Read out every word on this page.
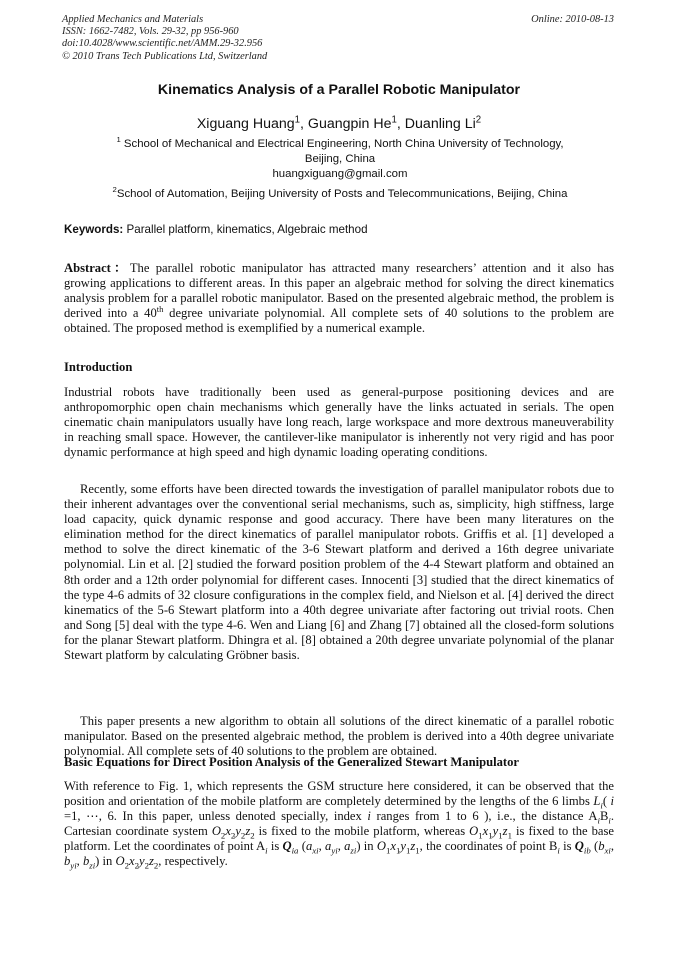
Applied Mechanics and Materials
ISSN: 1662-7482, Vols. 29-32, pp 956-960
doi:10.4028/www.scientific.net/AMM.29-32.956
© 2010 Trans Tech Publications Ltd, Switzerland
Online: 2010-08-13
Kinematics Analysis of a Parallel Robotic Manipulator
Xiguang Huang$^1$, Guangpin He$^1$, Duanling Li$^2$
$^1$ School of Mechanical and Electrical Engineering, North China University of Technology,
Beijing, China
huangxiguang@gmail.com
$^2$School of Automation, Beijing University of Posts and Telecommunications, Beijing, China
Keywords: Parallel platform, kinematics, Algebraic method
Abstract：The parallel robotic manipulator has attracted many researchers’ attention and it also has growing applications to different areas. In this paper an algebraic method for solving the direct kinematics analysis problem for a parallel robotic manipulator. Based on the presented algebraic method, the problem is derived into a 40th degree univariate polynomial. All complete sets of 40 solutions to the problem are obtained. The proposed method is exemplified by a numerical example.
Introduction
Industrial robots have traditionally been used as general-purpose positioning devices and are anthropomorphic open chain mechanisms which generally have the links actuated in serials. The open cinematic chain manipulators usually have long reach, large workspace and more dextrous maneuverability in reaching small space. However, the cantilever-like manipulator is inherently not very rigid and has poor dynamic performance at high speed and high dynamic loading operating conditions.
Recently, some efforts have been directed towards the investigation of parallel manipulator robots due to their inherent advantages over the conventional serial mechanisms, such as, simplicity, high stiffness, large load capacity, quick dynamic response and good accuracy. There have been many literatures on the elimination method for the direct kinematics of parallel manipulator robots. Griffis et al. [1] developed a method to solve the direct kinematic of the 3-6 Stewart platform and derived a 16th degree univariate polynomial. Lin et al. [2] studied the forward position problem of the 4-4 Stewart platform and obtained an 8th order and a 12th order polynomial for different cases. Innocenti [3] studied that the direct kinematics of the type 4-6 admits of 32 closure configurations in the complex field, and Nielson et al. [4] derived the direct kinematics of the 5-6 Stewart platform into a 40th degree univariate after factoring out trivial roots. Chen and Song [5] deal with the type 4-6. Wen and Liang [6] and Zhang [7] obtained all the closed-form solutions for the planar Stewart platform. Dhingra et al. [8] obtained a 20th degree unvariate polynomial of the planar Stewart platform by calculating Gröbner basis.
This paper presents a new algorithm to obtain all solutions of the direct kinematic of a parallel robotic manipulator. Based on the presented algebraic method, the problem is derived into a 40th degree univariate polynomial. All complete sets of 40 solutions to the problem are obtained.
Basic Equations for Direct Position Analysis of the Generalized Stewart Manipulator
With reference to Fig. 1, which represents the GSM structure here considered, it can be observed that the position and orientation of the mobile platform are completely determined by the lengths of the 6 limbs $L_i$( i =1, ⋯, 6. In this paper, unless denoted specially, index i ranges from 1 to 6 ), i.e., the distance $A_iB_i$. Cartesian coordinate system $O_2x_2y_2z_2$ is fixed to the mobile platform, whereas $O_1x_1y_1z_1$ is fixed to the base platform. Let the coordinates of point $A_i$ is $Q_{ia}$ ($a_{xi}$, $a_{yi}$, $a_{zi}$) in $O_1x_1y_1z_1$, the coordinates of point $B_i$ is $Q_{ib}$ ($b_{xi}$, $b_{yi}$, $b_{zi}$) in $O_2x_2y_2z_2$, respectively.
